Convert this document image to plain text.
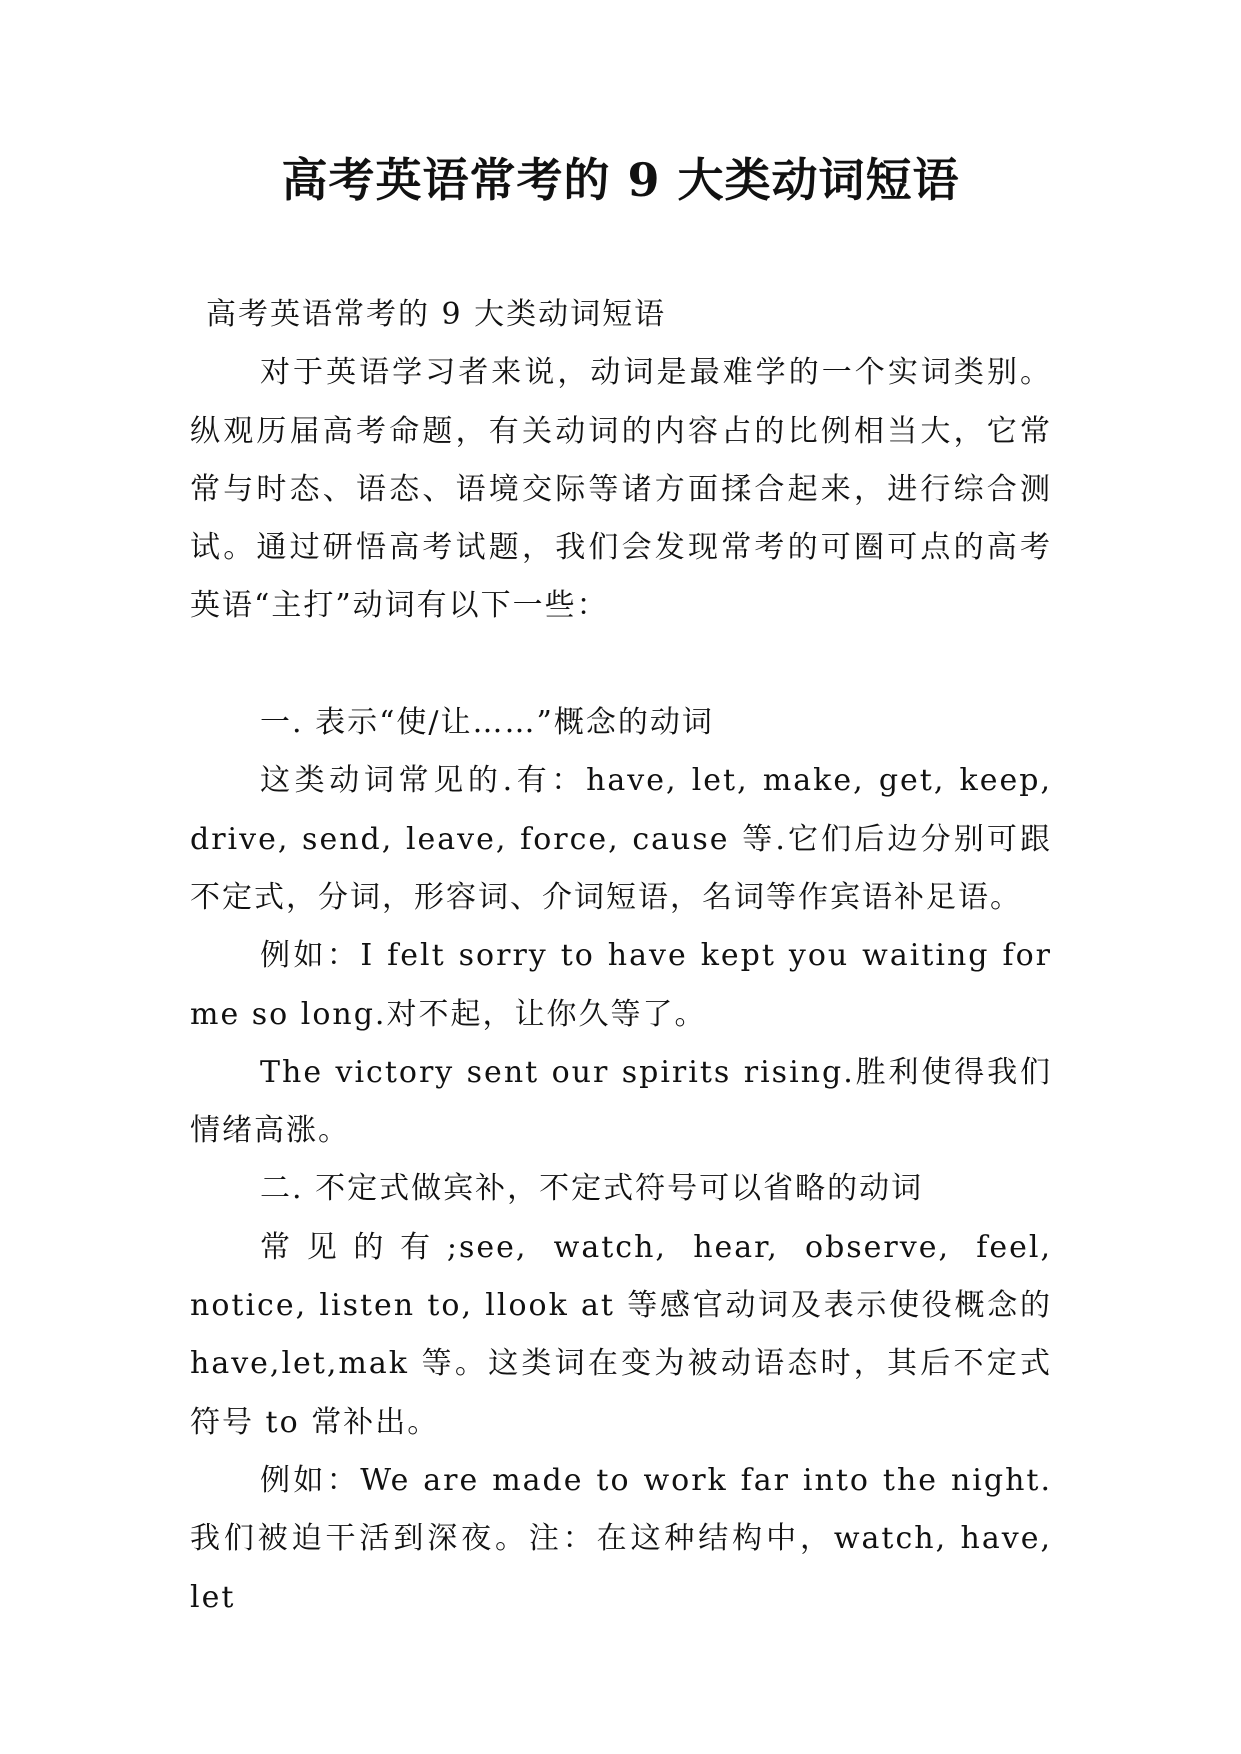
高考英语常考的 9 大类动词短语

高考英语常考的 9 大类动词短语

对于英语学习者来说，动词是最难学的一个实词类别。纵观历届高考命题，有关动词的内容占的比例相当大，它常常与时态、语态、语境交际等诸方面揉合起来，进行综合测试。通过研悟高考试题，我们会发现常考的可圈可点的高考英语“主打”动词有以下一些：

一. 表示“使/让……”概念的动词

这类动词常见的.有：have, let, make, get, keep, drive, send, leave, force, cause 等.它们后边分别可跟不定式，分词，形容词、介词短语，名词等作宾语补足语。

例如：I felt sorry to have kept you waiting for me so long.对不起，让你久等了。

The victory sent our spirits rising.胜利使得我们情绪高涨。

二. 不定式做宾补，不定式符号可以省略的动词

常见的有;see, watch, hear, observe, feel, notice, listen to, llook at 等感官动词及表示使役概念的 have,let,mak 等。这类词在变为被动语态时，其后不定式符号 to 常补出。

例如：We are made to work far into the night.我们被迫干活到深夜。注：在这种结构中，watch, have, let
